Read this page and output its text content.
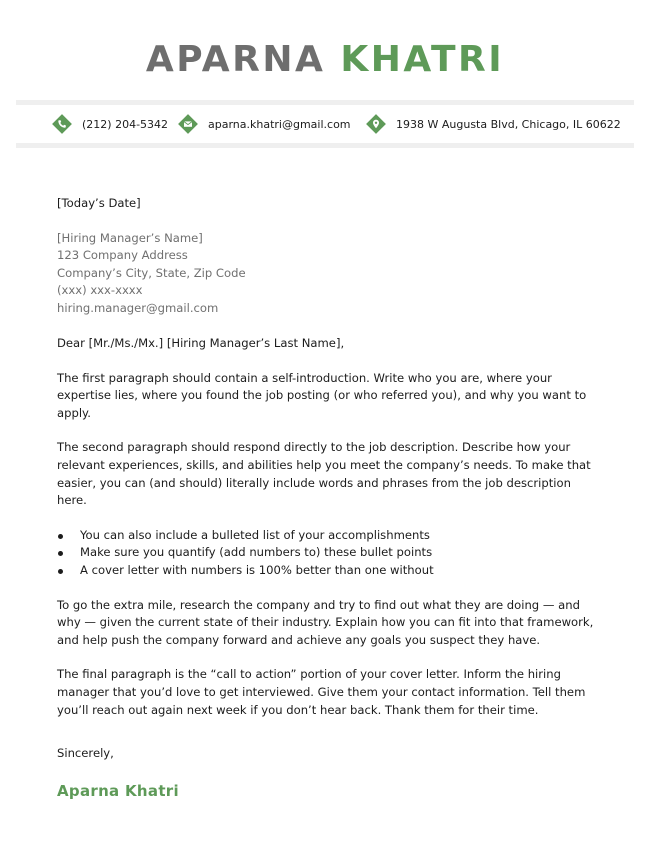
APARNA KHATRI
(212) 204-5342	aparna.khatri@gmail.com	1938 W Augusta Blvd, Chicago, IL 60622

[Today’s Date]

[Hiring Manager’s Name]
123 Company Address
Company’s City, State, Zip Code
(xxx) xxx-xxxx
hiring.manager@gmail.com

Dear [Mr./Ms./Mx.] [Hiring Manager’s Last Name],

The first paragraph should contain a self-introduction. Write who you are, where your expertise lies, where you found the job posting (or who referred you), and why you want to apply.

The second paragraph should respond directly to the job description. Describe how your relevant experiences, skills, and abilities help you meet the company’s needs. To make that easier, you can (and should) literally include words and phrases from the job description here.

You can also include a bulleted list of your accomplishments
Make sure you quantify (add numbers to) these bullet points
A cover letter with numbers is 100% better than one without

To go the extra mile, research the company and try to find out what they are doing — and why — given the current state of their industry. Explain how you can fit into that framework, and help push the company forward and achieve any goals you suspect they have.

The final paragraph is the “call to action” portion of your cover letter. Inform the hiring manager that you’d love to get interviewed. Give them your contact information. Tell them you’ll reach out again next week if you don’t hear back. Thank them for their time.

Sincerely,

Aparna Khatri
